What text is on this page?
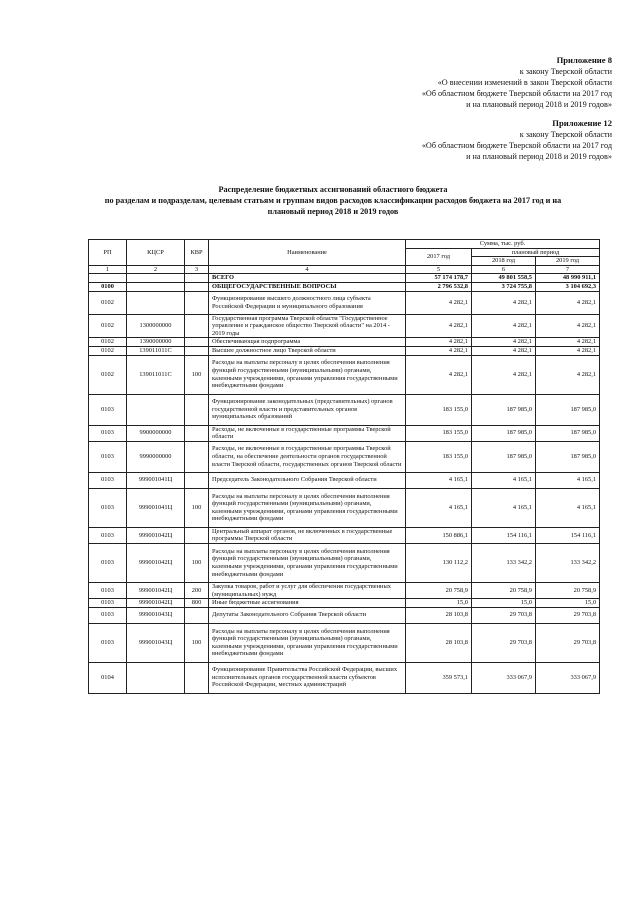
Приложение 8
к закону Тверской области
«О внесении изменений в закон Тверской области
«Об областном бюджете Тверской области на 2017 год
и на плановый период 2018 и 2019 годов»
Приложение 12
к закону Тверской области
«Об областном бюджете Тверской области на 2017 год
и на плановый период 2018 и 2019 годов»
Распределение бюджетных ассигнований областного бюджета
по разделам и подразделам, целевым статьям и группам видов расходов классификации расходов бюджета на 2017 год и на
плановый период 2018 и 2019 годов
РП	КЦСР	КВР	Наименование	Сумма, тыс. руб.		
				2017 год	плановый период	
					2018 год	2019 год
1	2	3	4	5	6	7
			ВСЕГО	57 174 178,7	49 801 558,5	48 990 911,1
0100			ОБЩЕГОСУДАРСТВЕННЫЕ ВОПРОСЫ	2 796 532,8	3 724 755,8	3 104 692,3
0102			Функционирование высшего должностного лица субъекта Российской Федерации и муниципального образования	4 282,1	4 282,1	4 282,1
0102	1300000000		Государственная программа Тверской области "Государственное управление и гражданское общество Тверской области" на 2014 - 2019 годы	4 282,1	4 282,1	4 282,1
0102	1390000000		Обеспечивающая подпрограмма	4 282,1	4 282,1	4 282,1
0102	139011011С		Высшее должностное лицо Тверской области	4 282,1	4 282,1	4 282,1
0102	139011011С	100	Расходы на выплаты персоналу в целях обеспечения выполнения функций государственными (муниципальными) органами, казенными учреждениями, органами управления государственными внебюджетными фондами	4 282,1	4 282,1	4 282,1
0103			Функционирование законодательных (представительных) органов государственной власти и представительных органов муниципальных образований	183 155,0	187 985,0	187 985,0
0103	9900000000		Расходы, не включенные в государственные программы Тверской области	183 155,0	187 985,0	187 985,0
0103	9990000000		Расходы, не включенные в государственные программы Тверской области, на обеспечение деятельности органов государственной власти Тверской области, государственных органов Тверской области	183 155,0	187 985,0	187 985,0
0103	999001041Ц		Председатель Законодательного Собрания Тверской области	4 165,1	4 165,1	4 165,1
0103	999001041Ц	100	Расходы на выплаты персоналу в целях обеспечения выполнения функций государственными (муниципальными) органами, казенными учреждениями, органами управления государственными внебюджетными фондами	4 165,1	4 165,1	4 165,1
0103	999001042Ц		Центральный аппарат органов, не включенных в государственные программы Тверской области	150 886,1	154 116,1	154 116,1
0103	999001042Ц	100	Расходы на выплаты персоналу в целях обеспечения выполнения функций государственными (муниципальными) органами, казенными учреждениями, органами управления государственными внебюджетными фондами	130 112,2	133 342,2	133 342,2
0103	999001042Ц	200	Закупка товаров, работ и услуг для обеспечения государственных (муниципальных) нужд	20 758,9	20 758,9	20 758,9
0103	999001042Ц	800	Иные бюджетные ассигнования	15,0	15,0	15,0
0103	999001043Ц		Депутаты Законодательного Собрания Тверской области	28 103,8	29 703,8	29 703,8
0103	999001043Ц	100	Расходы на выплаты персоналу в целях обеспечения выполнения функций государственными (муниципальными) органами, казенными учреждениями, органами управления государственными внебюджетными фондами	28 103,8	29 703,8	29 703,8
0104			Функционирование Правительства Российской Федерации, высших исполнительных органов государственной власти субъектов Российской Федерации, местных администраций	359 573,1	333 067,9	333 067,9
